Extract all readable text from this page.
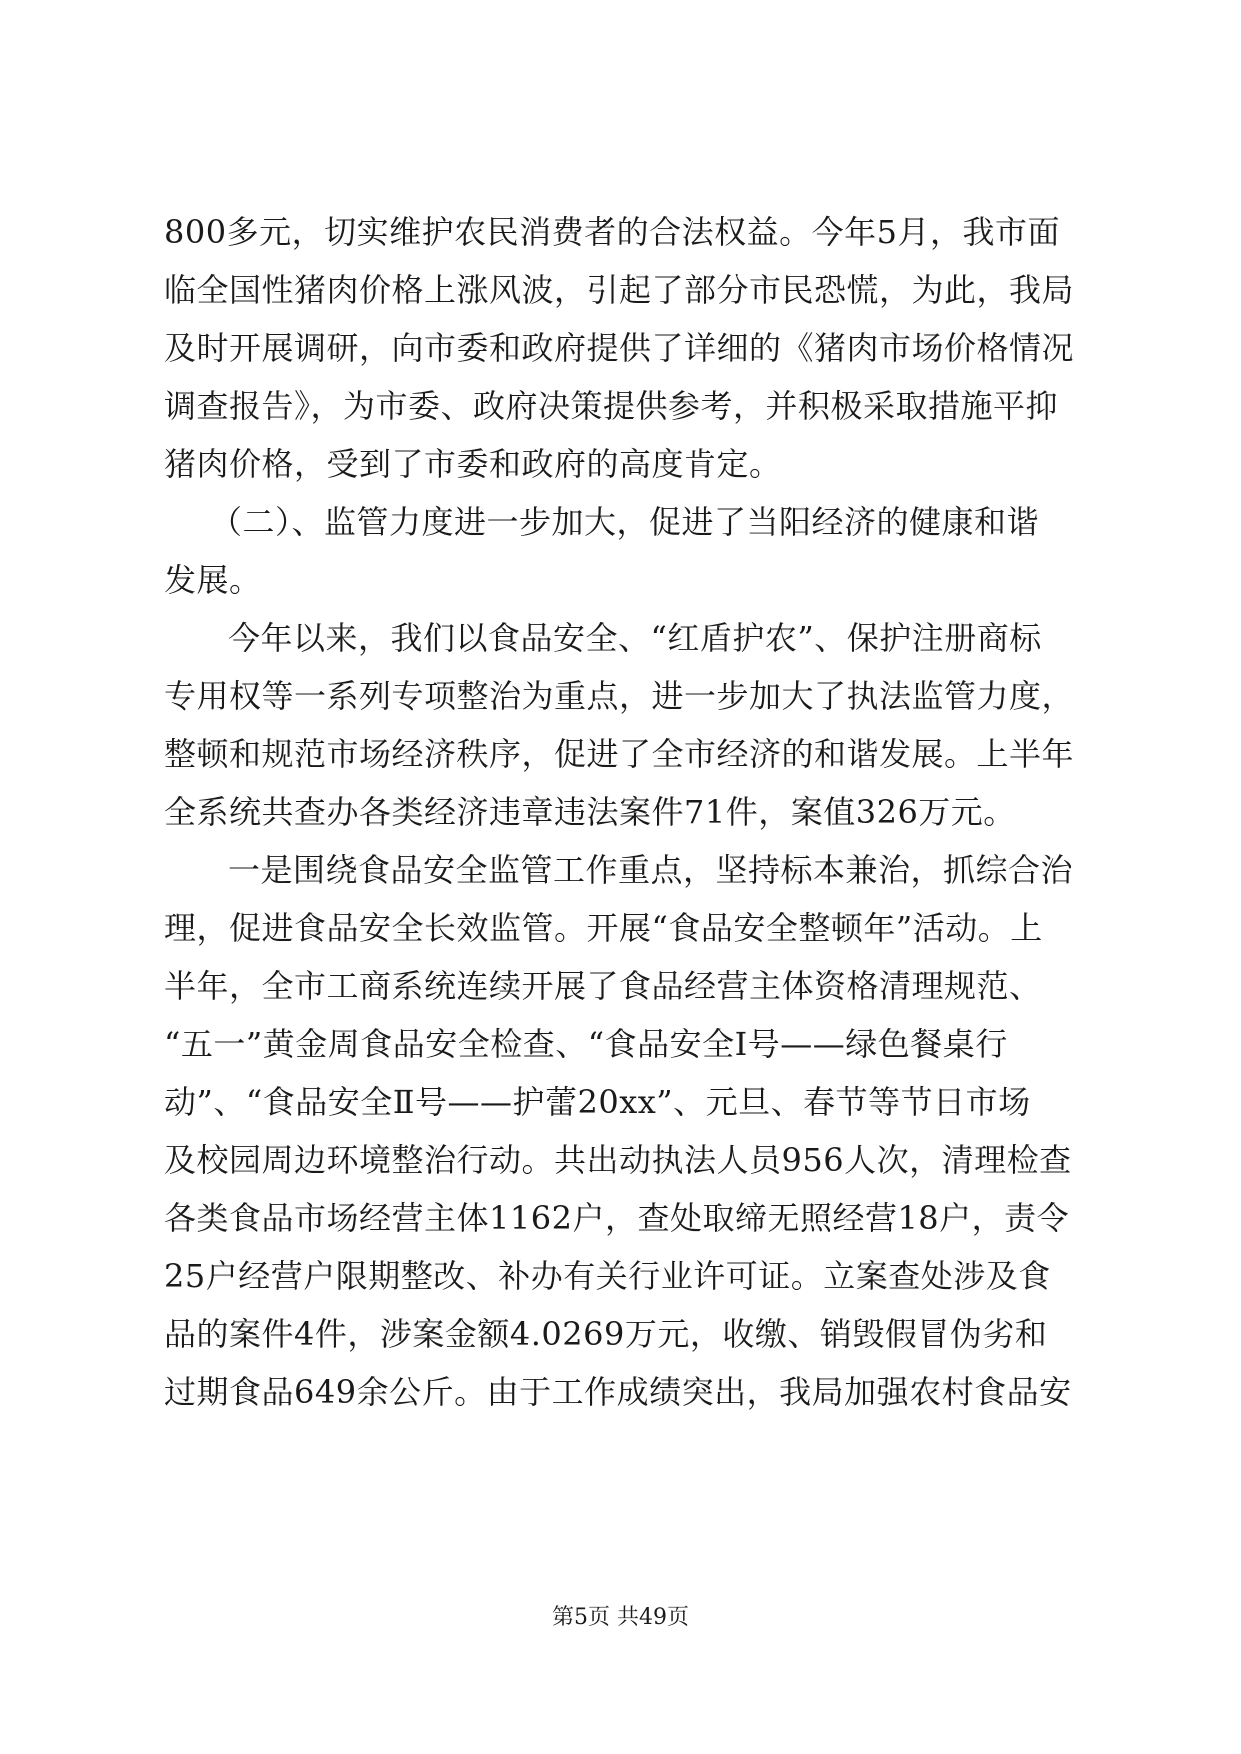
800多元，切实维护农民消费者的合法权益。今年5月，我市面
临全国性猪肉价格上涨风波，引起了部分市民恐慌，为此，我局
及时开展调研，向市委和政府提供了详细的《猪肉市场价格情况
调查报告》，为市委、政府决策提供参考，并积极采取措施平抑
猪肉价格，受到了市委和政府的高度肯定。
（二）、监管力度进一步加大，促进了当阳经济的健康和谐
发展。
今年以来，我们以食品安全、“红盾护农”、保护注册商标
专用权等一系列专项整治为重点，进一步加大了执法监管力度，
整顿和规范市场经济秩序，促进了全市经济的和谐发展。上半年
全系统共查办各类经济违章违法案件71件，案值326万元。
一是围绕食品安全监管工作重点，坚持标本兼治，抓综合治
理，促进食品安全长效监管。开展“食品安全整顿年”活动。上
半年，全市工商系统连续开展了食品经营主体资格清理规范、
“五一”黄金周食品安全检查、“食品安全Ⅰ号——绿色餐桌行
动”、“食品安全Ⅱ号——护蕾20xx”、元旦、春节等节日市场
及校园周边环境整治行动。共出动执法人员956人次，清理检查
各类食品市场经营主体1162户，查处取缔无照经营18户，责令
25户经营户限期整改、补办有关行业许可证。立案查处涉及食
品的案件4件，涉案金额4.0269万元，收缴、销毁假冒伪劣和
过期食品649余公斤。由于工作成绩突出，我局加强农村食品安
第5页 共49页
